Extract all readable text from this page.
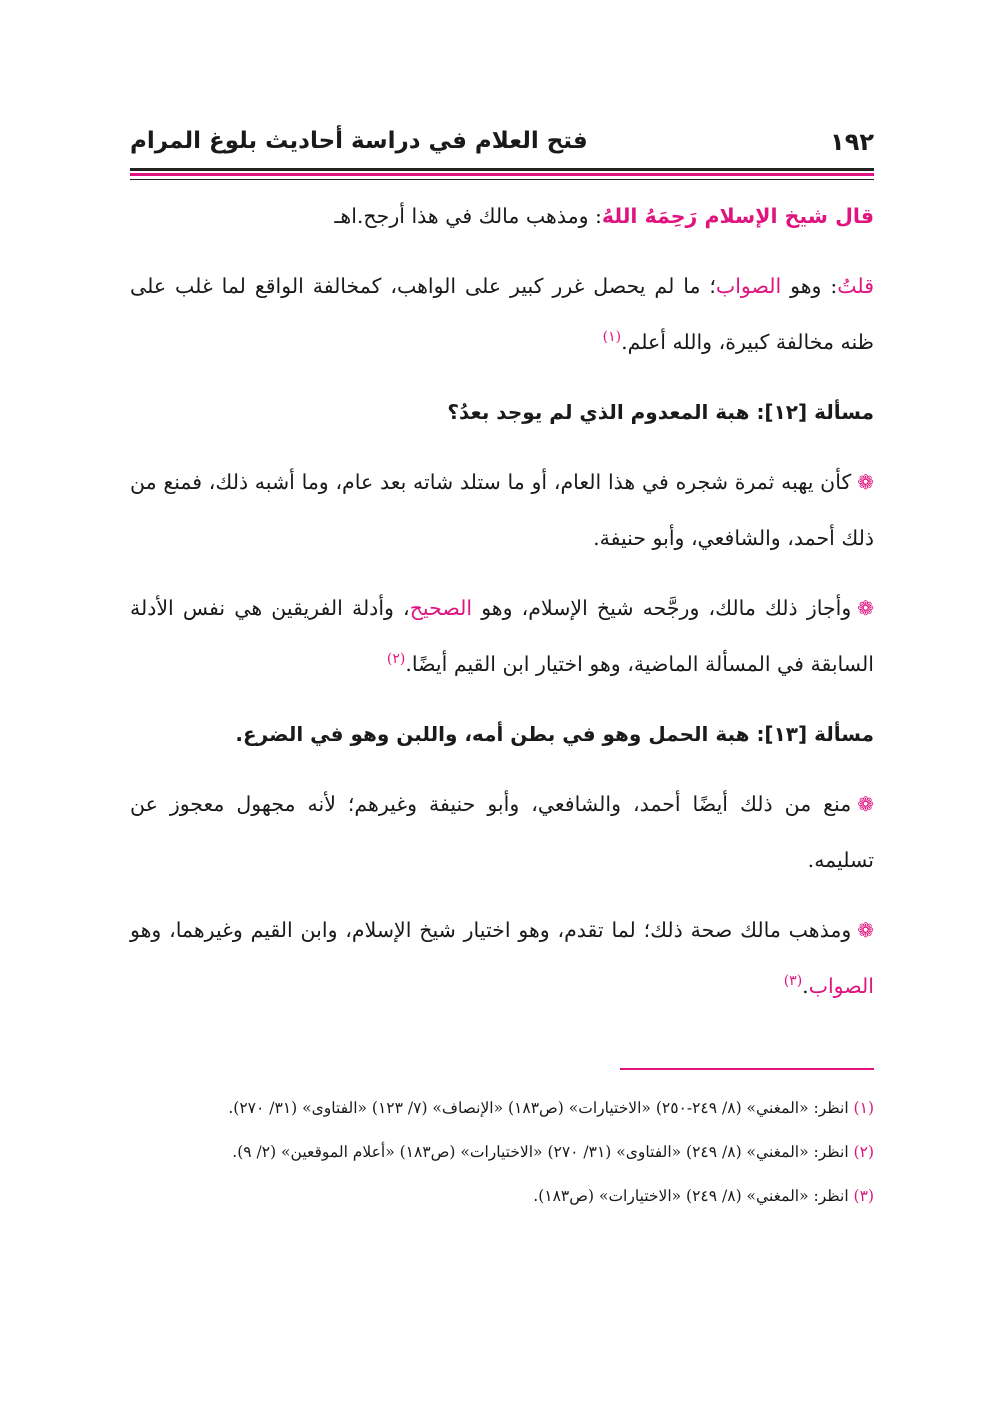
١٩٢
فتح العلام في دراسة أحاديث بلوغ المرام

قال شيخ الإسلام رَحِمَهُ اللهُ: ومذهب مالك في هذا أرجح.اهـ

قلتُ: وهو الصواب؛ ما لم يحصل غرر كبير على الواهب، كمخالفة الواقع لما غلب على ظنه مخالفة كبيرة، والله أعلم.$^{(١)}$

مسألة [١٢]: هبة المعدوم الذي لم يوجد بعدُ؟

❁كأن يهبه ثمرة شجره في هذا العام، أو ما ستلد شاته بعد عام، وما أشبه ذلك، فمنع من ذلك أحمد، والشافعي، وأبو حنيفة.

❁وأجاز ذلك مالك، ورجَّحه شيخ الإسلام، وهو الصحيح، وأدلة الفريقين هي نفس الأدلة السابقة في المسألة الماضية، وهو اختيار ابن القيم أيضًا.$^{(٢)}$

مسألة [١٣]: هبة الحمل وهو في بطن أمه، واللبن وهو في الضرع.

❁منع من ذلك أيضًا أحمد، والشافعي، وأبو حنيفة وغيرهم؛ لأنه مجهول معجوز عن تسليمه.

❁ومذهب مالك صحة ذلك؛ لما تقدم، وهو اختيار شيخ الإسلام، وابن القيم وغيرهما، وهو الصواب.$^{(٣)}$

(١) انظر: «المغني» (٨/ ٢٤٩-٢٥٠) «الاختيارات» (ص١٨٣) «الإنصاف» (٧/ ١٢٣) «الفتاوى» (٣١/ ٢٧٠).

(٢) انظر: «المغني» (٨/ ٢٤٩) «الفتاوى» (٣١/ ٢٧٠) «الاختيارات» (ص١٨٣) «أعلام الموقعين» (٢/ ٩).

(٣) انظر: «المغني» (٨/ ٢٤٩) «الاختيارات» (ص١٨٣).
